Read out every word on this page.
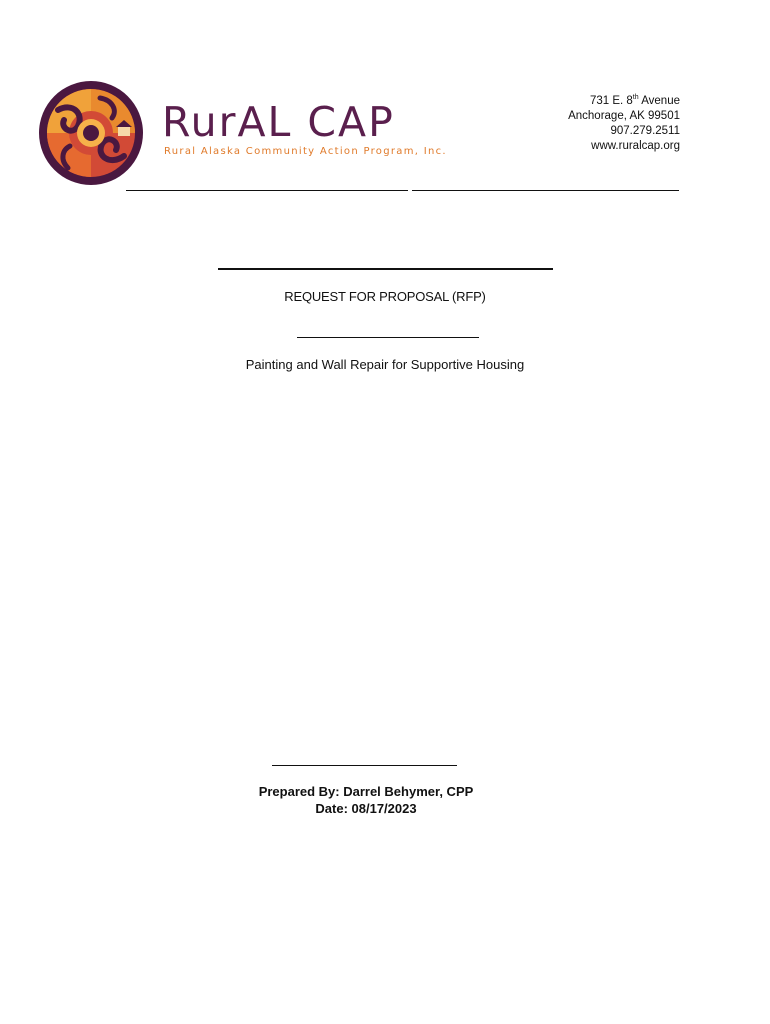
RurAL CAP
Rural Alaska Community Action Program, Inc.
731 E. 8th Avenue
Anchorage, AK 99501
907.279.2511
www.ruralcap.org
REQUEST FOR PROPOSAL (RFP)
Painting and Wall Repair for Supportive Housing
Prepared By: Darrel Behymer, CPP
Date: 08/17/2023
